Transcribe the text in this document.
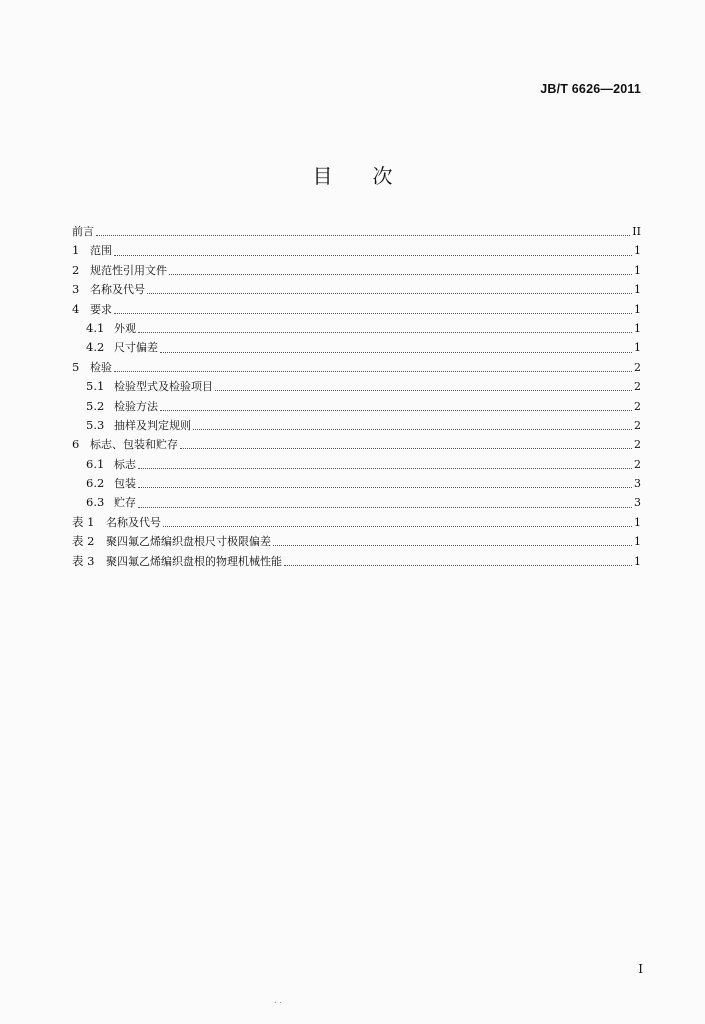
JB/T 6626—2011
目 次
前言	II
1 范围	1
2 规范性引用文件	1
3 名称及代号	1
4 要求	1
4.1 外观	1
4.2 尺寸偏差	1
5 检验	2
5.1 检验型式及检验项目	2
5.2 检验方法	2
5.3 抽样及判定规则	2
6 标志、包装和贮存	2
6.1 标志	2
6.2 包装	3
6.3 贮存	3
表 1	名称及代号	1
表 2	聚四氟乙烯编织盘根尺寸极限偏差	1
表 3	聚四氟乙烯编织盘根的物理机械性能	1
I
. .
